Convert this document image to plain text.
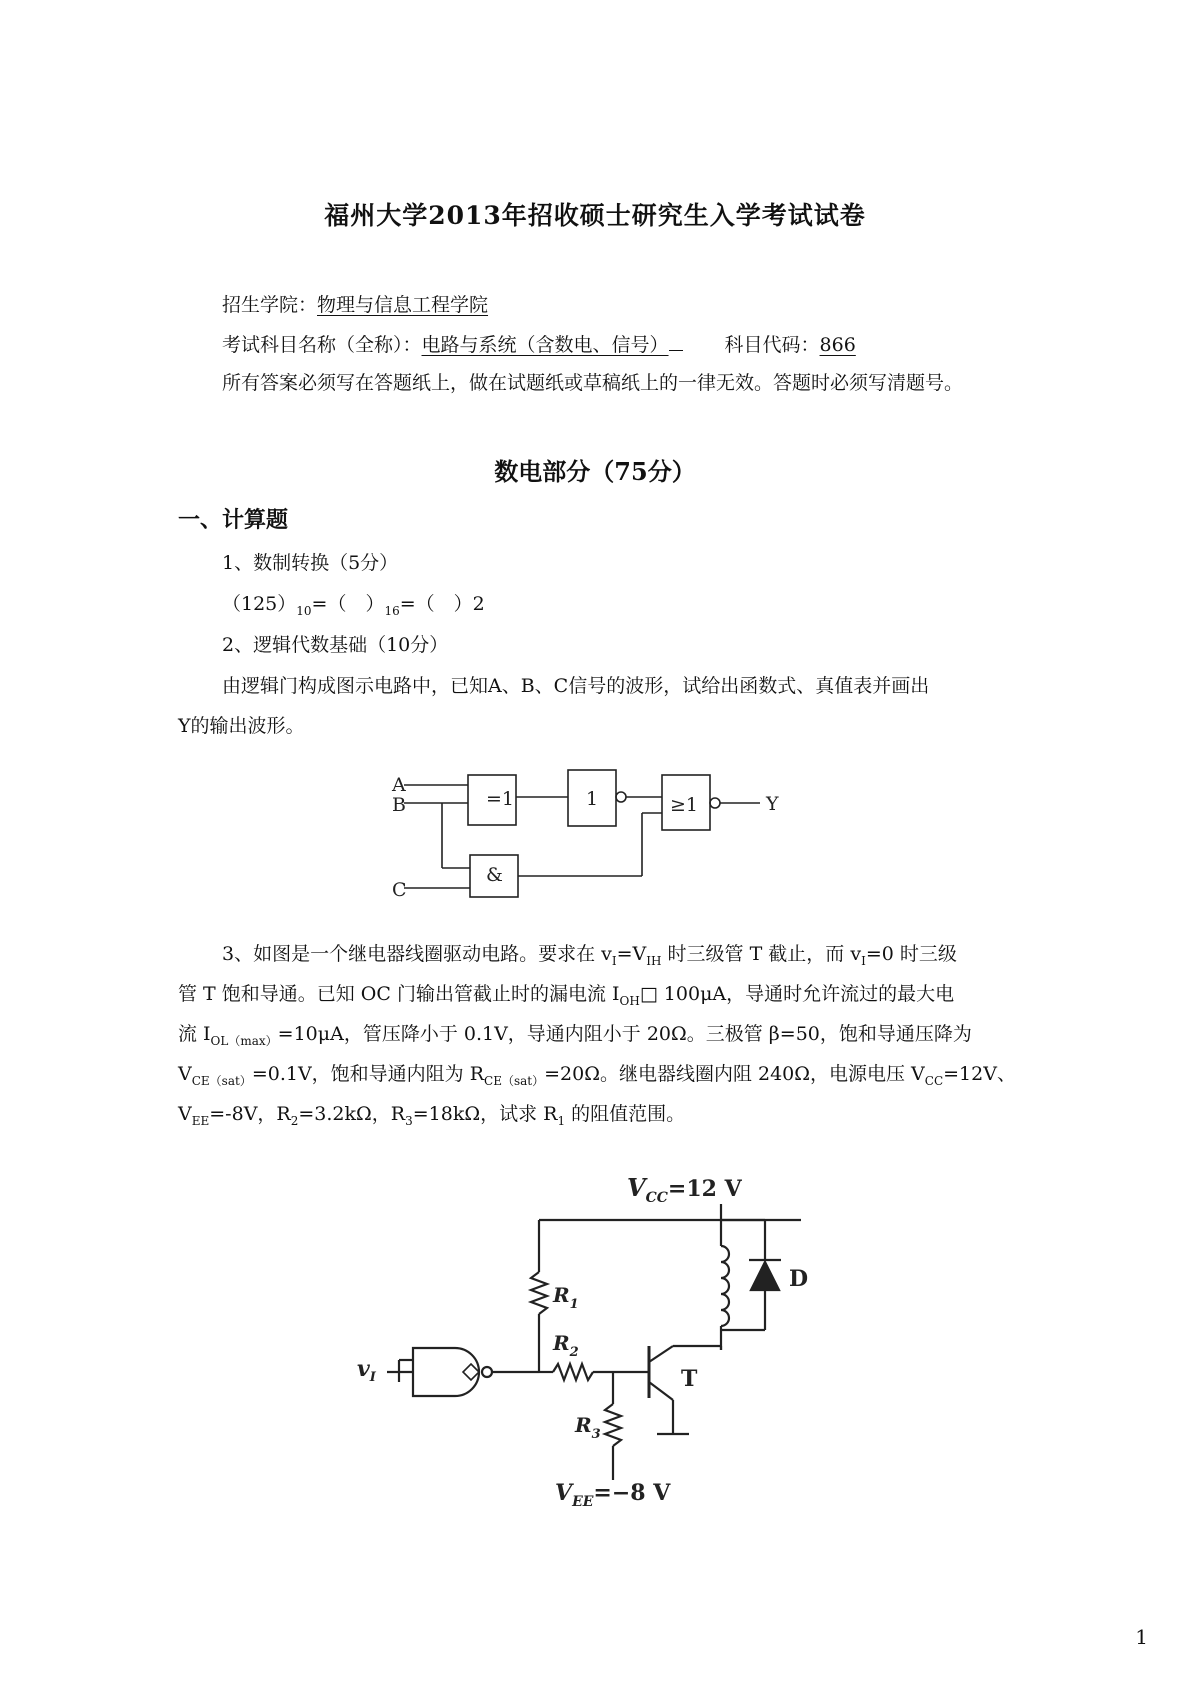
福州大学2013年招收硕士研究生入学考试试卷
招生学院：物理与信息工程学院
考试科目名称（全称）：电路与系统（含数电、信号）	科目代码：866
所有答案必须写在答题纸上，做在试题纸或草稿纸上的一律无效。答题时必须写清题号。
数电部分（75分）
一、计算题
1、数制转换（5分）
$(125)_{10}=$（　）$_{16}=$（　）2
2、逻辑代数基础（10分）
由逻辑门构成图示电路中，已知A、B、C信号的波形，试给出函数式、真值表并画出
Y的输出波形。
A
B
C
Y
=1	1	≥1
&
3、如图是一个继电器线圈驱动电路。要求在 $v_I=V_{IH}$ 时三级管 T 截止，而 $v_I=0$ 时三级
管 T 饱和导通。已知 OC 门输出管截止时的漏电流 $I_{OH}□$ 100μA，导通时允许流过的最大电
流 $I_{OL(max)}=10\mu A$，管压降小于 0.1V，导通内阻小于 20Ω。三极管 β=50，饱和导通压降为
$V_{CE(sat)}=0.1V$，饱和导通内阻为 $R_{CE(sat)}=20\Omega$。继电器线圈内阻 240Ω，电源电压 $V_{CC}=12V$、
$V_{EE}=-8V$，$R_2=3.2k\Omega$，$R_3=18k\Omega$，试求 $R_1$ 的阻值范围。
$V_{CC}=12$ V
$V_{EE}=-8$ V
$R_1$
$R_2$
$R_3$
D
T
$v_I$
1
